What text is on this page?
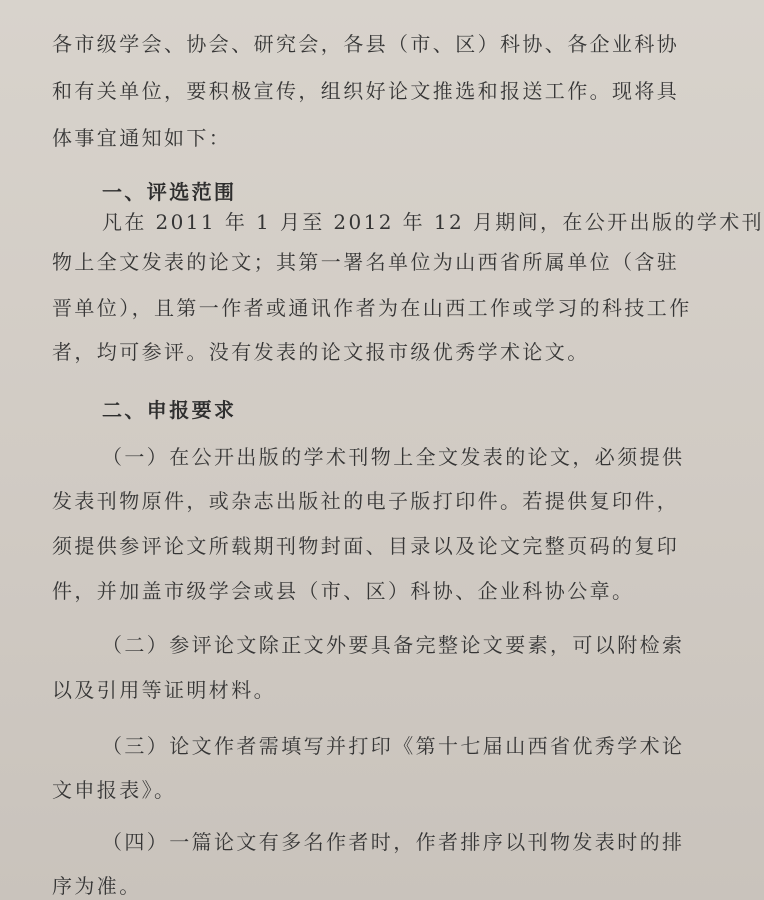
各市级学会、协会、研究会，各县（市、区）科协、各企业科协
和有关单位，要积极宣传，组织好论文推选和报送工作。现将具
体事宜通知如下：
一、评选范围
凡在 2011 年 1 月至 2012 年 12 月期间，在公开出版的学术刊
物上全文发表的论文；其第一署名单位为山西省所属单位（含驻
晋单位），且第一作者或通讯作者为在山西工作或学习的科技工作
者，均可参评。没有发表的论文报市级优秀学术论文。
二、申报要求
（一）在公开出版的学术刊物上全文发表的论文，必须提供
发表刊物原件，或杂志出版社的电子版打印件。若提供复印件，
须提供参评论文所载期刊物封面、目录以及论文完整页码的复印
件，并加盖市级学会或县（市、区）科协、企业科协公章。
（二）参评论文除正文外要具备完整论文要素，可以附检索
以及引用等证明材料。
（三）论文作者需填写并打印《第十七届山西省优秀学术论
文申报表》。
（四）一篇论文有多名作者时，作者排序以刊物发表时的排
序为准。
